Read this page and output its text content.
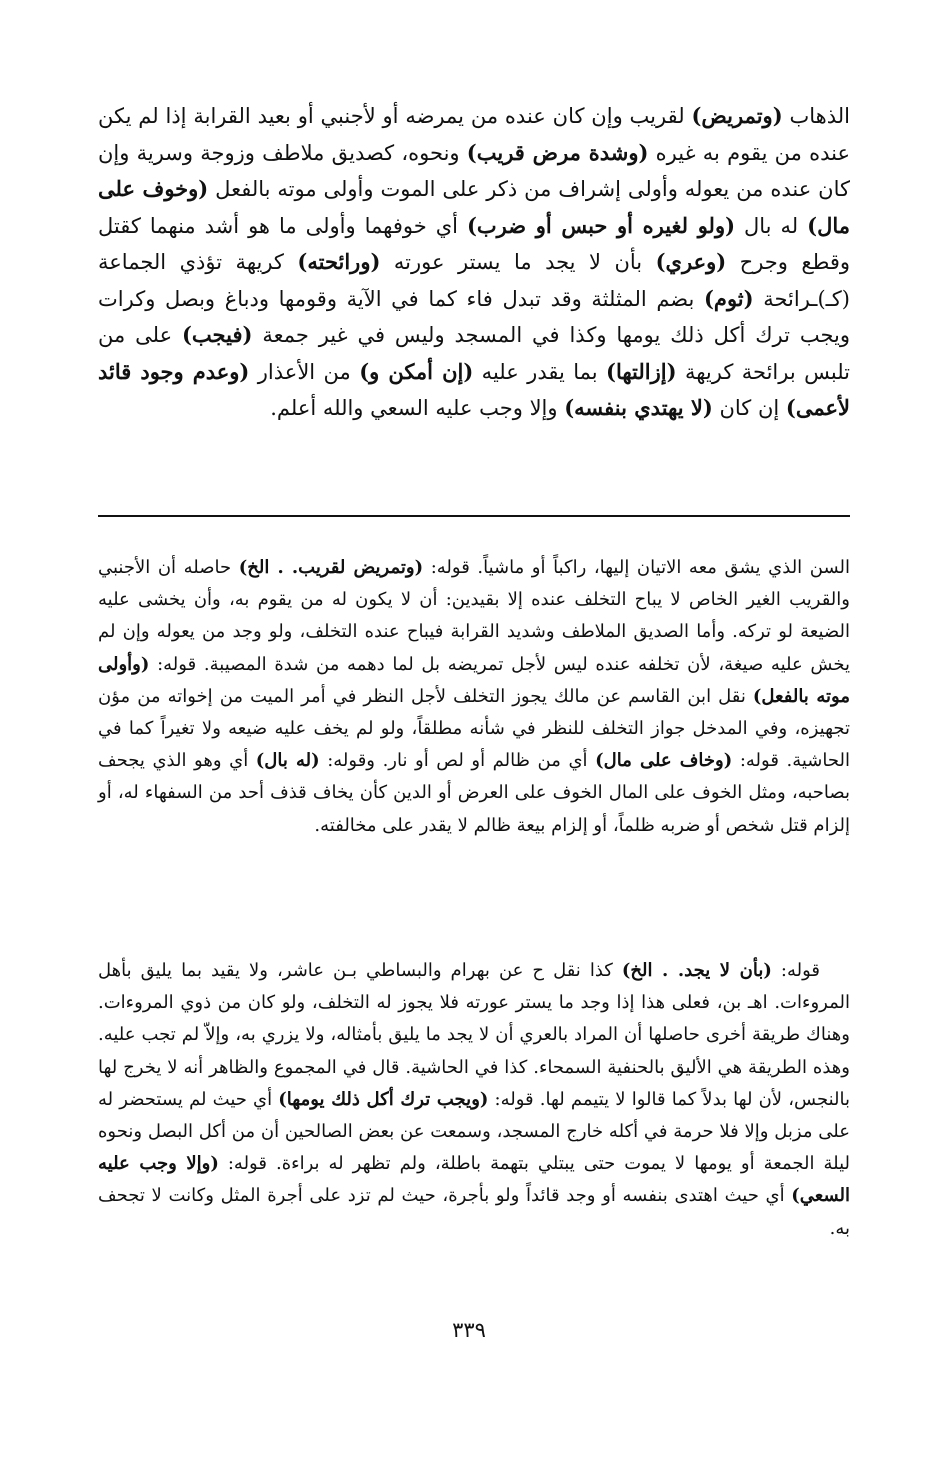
الذهاب (وتمريض) لقريب وإن كان عنده من يمرضه أو لأجنبي أو بعيد القرابة إذا لم يكن عنده من يقوم به غيره (وشدة مرض قريب) ونحوه، كصديق ملاطف وزوجة وسرية وإن كان عنده من يعوله وأولى إشراف من ذكر على الموت وأولى موته بالفعل (وخوف على مال) له بال (ولو لغيره أو حبس أو ضرب) أي خوفهما وأولى ما هو أشد منهما كقتل وقطع وجرح (وعري) بأن لا يجد ما يستر عورته (ورائحته) كريهة تؤذي الجماعة (كـ)ـرائحة (ثوم) بضم المثلثة وقد تبدل فاء كما في الآية وقومها ودباغ وبصل وكرات ويجب ترك أكل ذلك يومها وكذا في المسجد وليس في غير جمعة (فيجب) على من تلبس برائحة كريهة (إزالتها) بما يقدر عليه (إن أمكن و) من الأعذار (وعدم وجود قائد لأعمى) إن كان (لا يهتدي بنفسه) وإلا وجب عليه السعي والله أعلم.

السن الذي يشق معه الاتيان إليها، راكباً أو ماشياً. قوله: (وتمريض لقريب. . الخ) حاصله أن الأجنبي والقريب الغير الخاص لا يباح التخلف عنده إلا بقيدين: أن لا يكون له من يقوم به، وأن يخشى عليه الضيعة لو تركه. وأما الصديق الملاطف وشديد القرابة فيباح عنده التخلف، ولو وجد من يعوله وإن لم يخش عليه صيغة، لأن تخلفه عنده ليس لأجل تمريضه بل لما دهمه من شدة المصيبة. قوله: (وأولى موته بالفعل) نقل ابن القاسم عن مالك يجوز التخلف لأجل النظر في أمر الميت من إخواته من مؤن تجهيزه، وفي المدخل جواز التخلف للنظر في شأنه مطلقاً، ولو لم يخف عليه ضيعه ولا تغيراً كما في الحاشية. قوله: (وخاف على مال) أي من ظالم أو لص أو نار. وقوله: (له بال) أي وهو الذي يجحف بصاحبه، ومثل الخوف على المال الخوف على العرض أو الدين كأن يخاف قذف أحد من السفهاء له، أو إلزام قتل شخص أو ضربه ظلماً، أو إلزام بيعة ظالم لا يقدر على مخالفته.

قوله: (بأن لا يجد. . الخ) كذا نقل ح عن بهرام والبساطي بـن عاشر، ولا يقيد بما يليق بأهل المروءات. اهـ بن، فعلى هذا إذا وجد ما يستر عورته فلا يجوز له التخلف، ولو كان من ذوي المروءات. وهناك طريقة أخرى حاصلها أن المراد بالعري أن لا يجد ما يليق بأمثاله، ولا يزري به، وإلاّ لم تجب عليه. وهذه الطريقة هي الأليق بالحنفية السمحاء. كذا في الحاشية. قال في المجموع والظاهر أنه لا يخرج لها بالنجس، لأن لها بدلاً كما قالوا لا يتيمم لها. قوله: (ويجب ترك أكل ذلك يومها) أي حيث لم يستحضر له على مزبل وإلا فلا حرمة في أكله خارج المسجد، وسمعت عن بعض الصالحين أن من أكل البصل ونحوه ليلة الجمعة أو يومها لا يموت حتى يبتلي بتهمة باطلة، ولم تظهر له براءة. قوله: (وإلا وجب عليه السعي) أي حيث اهتدى بنفسه أو وجد قائداً ولو بأجرة، حيث لم تزد على أجرة المثل وكانت لا تجحف به.

٣٣٩
